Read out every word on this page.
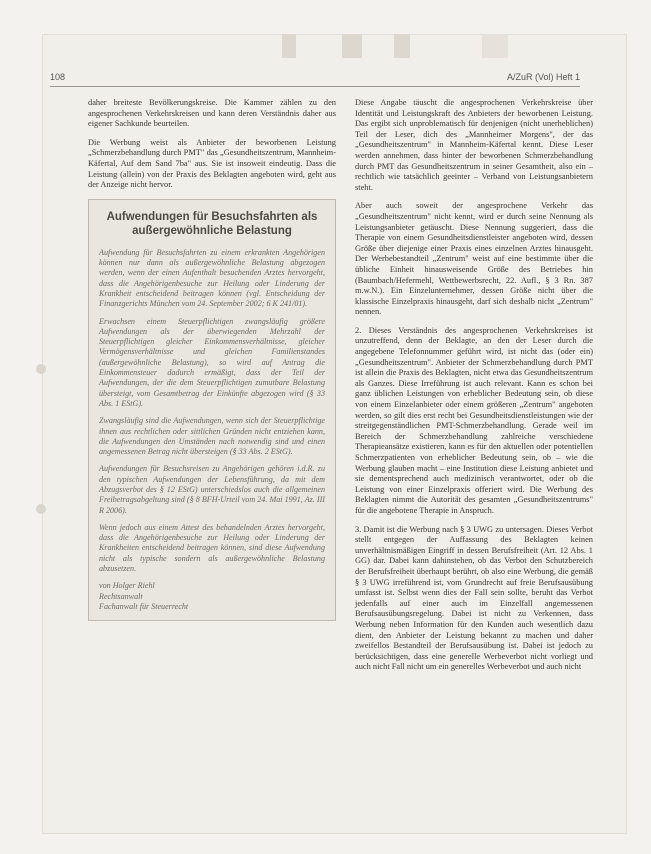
108	A/ZuR (Vol) Heft 1

daher breiteste Bevölkerungskreise. Die Kammer zählen zu den angesprochenen Verkehrskreisen und kann deren Verständnis daher aus eigener Sachkunde beurteilen.

Die Werbung weist als Anbieter der beworbenen Leistung „Schmerzbehandlung durch PMT" das „Gesundheitszentrum, Mannheim-Käfertal, Auf dem Sand 7ba" aus. Sie ist insoweit eindeutig. Dass die Leistung (allein) von der Praxis des Beklagten angeboten wird, geht aus der Anzeige nicht hervor.

Aufwendungen für Besuchsfahrten als
außergewöhnliche Belastung

Aufwendung für Besuchsfahrten zu einem erkrankten Angehörigen können nur dann als außergewöhnliche Belastung abgezogen werden, wenn der einen Aufenthalt besuchenden Arztes hervorgeht, dass die Angehörigenbesuche zur Heilung oder Linderung der Krankheit entscheidend beitragen können (vgl. Entscheidung der Finanzgerichts München vom 24. September 2002; 6 K 241/01).

Erwachsen einem Steuerpflichtigen zwangsläufig größere Aufwendungen als der überwiegenden Mehrzahl der Steuerpflichtigen gleicher Einkommensverhältnisse, gleicher Vermögensverhältnisse und gleichen Familienstandes (außergewöhnliche Belastung), so wird auf Antrag die Einkommensteuer dadurch ermäßigt, dass der Teil der Aufwendungen, der die dem Steuerpflichtigen zumutbare Belastung übersteigt, vom Gesamtbetrag der Einkünfte abgezogen wird (§ 33 Abs. 1 EStG).

Zwangsläufig sind die Aufwendungen, wenn sich der Steuerpflichtige ihnen aus rechtlichen oder sittlichen Gründen nicht entziehen kann, die Aufwendungen den Umständen nach notwendig sind und einen angemessenen Betrag nicht übersteigen (§ 33 Abs. 2 EStG).

Aufwendungen für Besuchsreisen zu Angehörigen gehören i.d.R. zu den typischen Aufwendungen der Lebensführung, da mit dem Abzugsverbot des § 12 EStG) unterschiedslos auch die allgemeinen Freibetragsabgeltung sind (§ 8 BFH-Urteil vom 24. Mai 1991, Az. III R 2006).

Wenn jedoch aus einem Attest des behandelnden Arztes hervorgeht, dass die Angehörigenbesuche zur Heilung oder Linderung der Krankheiten entscheidend beitragen können, sind diese Aufwendung nicht als typische sondern als außergewöhnliche Belastung abzusetzen.

von Holger Riehl
Rechtsanwalt
Fachanwalt für Steuerrecht

Diese Angabe täuscht die angesprochenen Verkehrskreise über Identität und Leistungskraft des Anbieters der beworbenen Leistung. Das ergibt sich unproblematisch für denjenigen (nicht unerheblichen) Teil der Leser, dich des „Mannheimer Morgens", der das „Gesundheitszentrum" in Mannheim-Käfertal kennt. Diese Leser werden annehmen, dass hinter der beworbenen Schmerzbehandlung durch PMT das Gesundheitszentrum in seiner Gesamtheit, also ein – rechtlich wie tatsächlich geeinter – Verband von Leistungsanbietern steht.

Aber auch soweit der angesprochene Verkehr das „Gesundheitszentrum" nicht kennt, wird er durch seine Nennung als Leistungsanbieter getäuscht. Diese Nennung suggeriert, dass die Therapie von einem Gesundheitsdienstleister angeboten wird, dessen Größe über diejenige einer Praxis eines einzelnen Arztes hinausgeht. Der Werbebestandteil „Zentrum" weist auf eine bestimmte über die übliche Einheit hinausweisende Größe des Betriebes hin (Baumbach/Hefermehl, Wettbewerbsrecht, 22. Aufl., § 3 Rn. 387 m.w.N.). Ein Einzelunternehmer, dessen Größe nicht über die klassische Einzelpraxis hinausgeht, darf sich deshalb nicht „Zentrum" nennen.

2. Dieses Verständnis des angesprochenen Verkehrskreises ist unzutreffend, denn der Beklagte, an den der Leser durch die angegebene Telefonnummer geführt wird, ist nicht das (oder ein) „Gesundheitszentrum". Anbieter der Schmerzbehandlung durch PMT ist allein die Praxis des Beklagten, nicht etwa das Gesundheitszentrum als Ganzes. Diese Irreführung ist auch relevant. Kann es schon bei ganz üblichen Leistungen von erheblicher Bedeutung sein, ob diese von einem Einzelanbieter oder einem größeren „Zentrum" angeboten werden, so gilt dies erst recht bei Gesundheitsdienstleistungen wie der streitgegenständlichen PMT-Schmerzbehandlung. Gerade weil im Bereich der Schmerzbehandlung zahlreiche verschiedene Therapieansätze existieren, kann es für den aktuellen oder potentiellen Schmerzpatienten von erheblicher Bedeutung sein, ob – wie die Werbung glauben macht – eine Institution diese Leistung anbietet und sie dementsprechend auch medizinisch verantwortet, oder ob die Leistung von einer Einzelpraxis offeriert wird. Die Werbung des Beklagten nimmt die Autorität des gesamten „Gesundheitszentrums" für die angebotene Therapie in Anspruch.

3. Damit ist die Werbung nach § 3 UWG zu untersagen. Dieses Verbot stellt entgegen der Auffassung des Beklagten keinen unverhältnismäßigen Eingriff in dessen Berufsfreiheit (Art. 12 Abs. 1 GG) dar. Dabei kann dahinstehen, ob das Verbot den Schutzbereich der Berufsfreiheit überhaupt berührt, ob also eine Werbung, die gemäß § 3 UWG irreführend ist, vom Grundrecht auf freie Berufsausübung umfasst ist. Selbst wenn dies der Fall sein sollte, beruht das Verbot jedenfalls auf einer auch im Einzelfall angemessenen Berufsausübungsregelung. Dabei ist nicht zu Verkennen, dass Werbung neben Information für den Kunden auch wesentlich dazu dient, den Anbieter der Leistung bekannt zu machen und daher zweifellos Bestandteil der Berufsausübung ist. Dabei ist jedoch zu berücksichtigen, dass eine generelle Werbeverbot nicht vorliegt und auch nicht Fall nicht um ein generelles Werbeverbot und auch nicht
